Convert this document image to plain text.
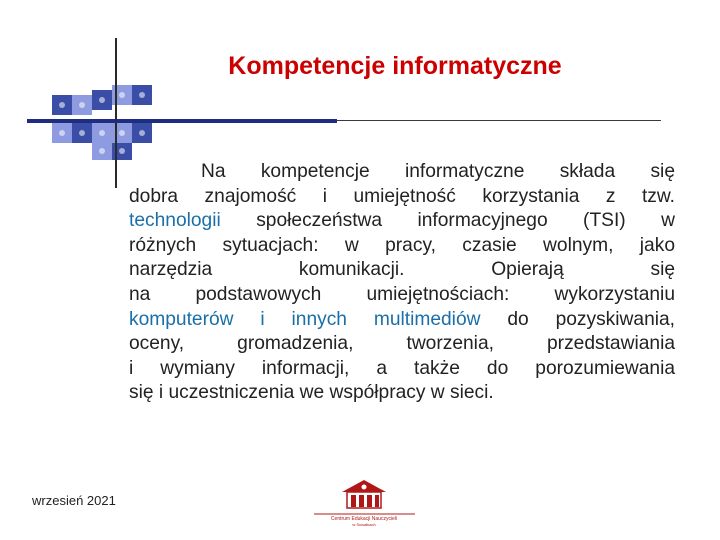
Kompetencje informatyczne
Na kompetencje informatyczne składa się
dobra znajomość i umiejętność korzystania z tzw.
technologii społeczeństwa informacyjnego (TSI) w
różnych sytuacjach: w pracy, czasie wolnym, jako
narzędzia komunikacji. Opierają się
na podstawowych umiejętnościach: wykorzystaniu
komputerów i innych multimediów do pozyskiwania,
oceny, gromadzenia, tworzenia, przedstawiania
i wymiany informacji, a także do porozumiewania
się i uczestniczenia we współpracy w sieci.
wrzesień 2021
Centrum Edukacji Nauczycieli
w Suwałkach
